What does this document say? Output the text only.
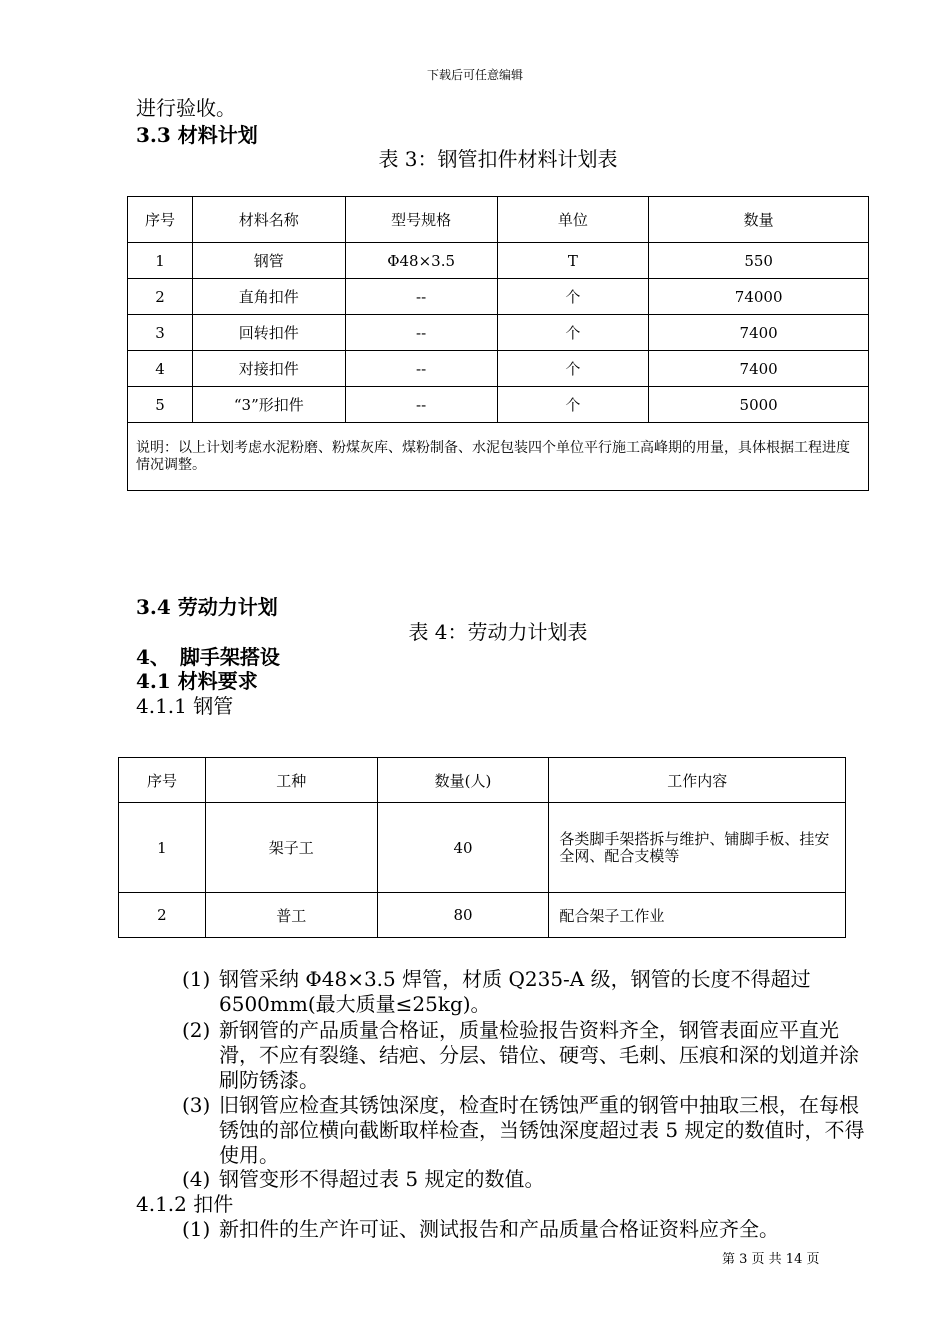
下载后可任意编辑
进行验收。
3.3 材料计划
表 3：钢管扣件材料计划表
序号	材料名称	型号规格	单位	数量
1	钢管	Φ48×3.5	T	550
2	直角扣件	--	个	74000
3	回转扣件	--	个	7400
4	对接扣件	--	个	7400
5	“3”形扣件	--	个	5000
说明：以上计划考虑水泥粉磨、粉煤灰库、煤粉制备、水泥包装四个单位平行施工高峰期的用量，具体根据工程进度情况调整。				
3.4 劳动力计划
表 4：劳动力计划表
4、　脚手架搭设
4.1 材料要求
4.1.1 钢管
序号	工种	数量(人)	工作内容
1	架子工	40	各类脚手架搭拆与维护、铺脚手板、挂安全网、配合支模等
2	普工	80	配合架子工作业
(1) 钢管采纳 Φ48×3.5 焊管，材质 Q235-A 级，钢管的长度不得超过6500mm(最大质量≤25kg)。
(2) 新钢管的产品质量合格证，质量检验报告资料齐全，钢管表面应平直光滑，不应有裂缝、结疤、分层、错位、硬弯、毛刺、压痕和深的划道并涂刷防锈漆。
(3) 旧钢管应检查其锈蚀深度，检查时在锈蚀严重的钢管中抽取三根，在每根锈蚀的部位横向截断取样检查，当锈蚀深度超过表 5 规定的数值时，不得使用。
(4) 钢管变形不得超过表 5 规定的数值。
4.1.2 扣件
(1) 新扣件的生产许可证、测试报告和产品质量合格证资料应齐全。
第 3 页 共 14 页
